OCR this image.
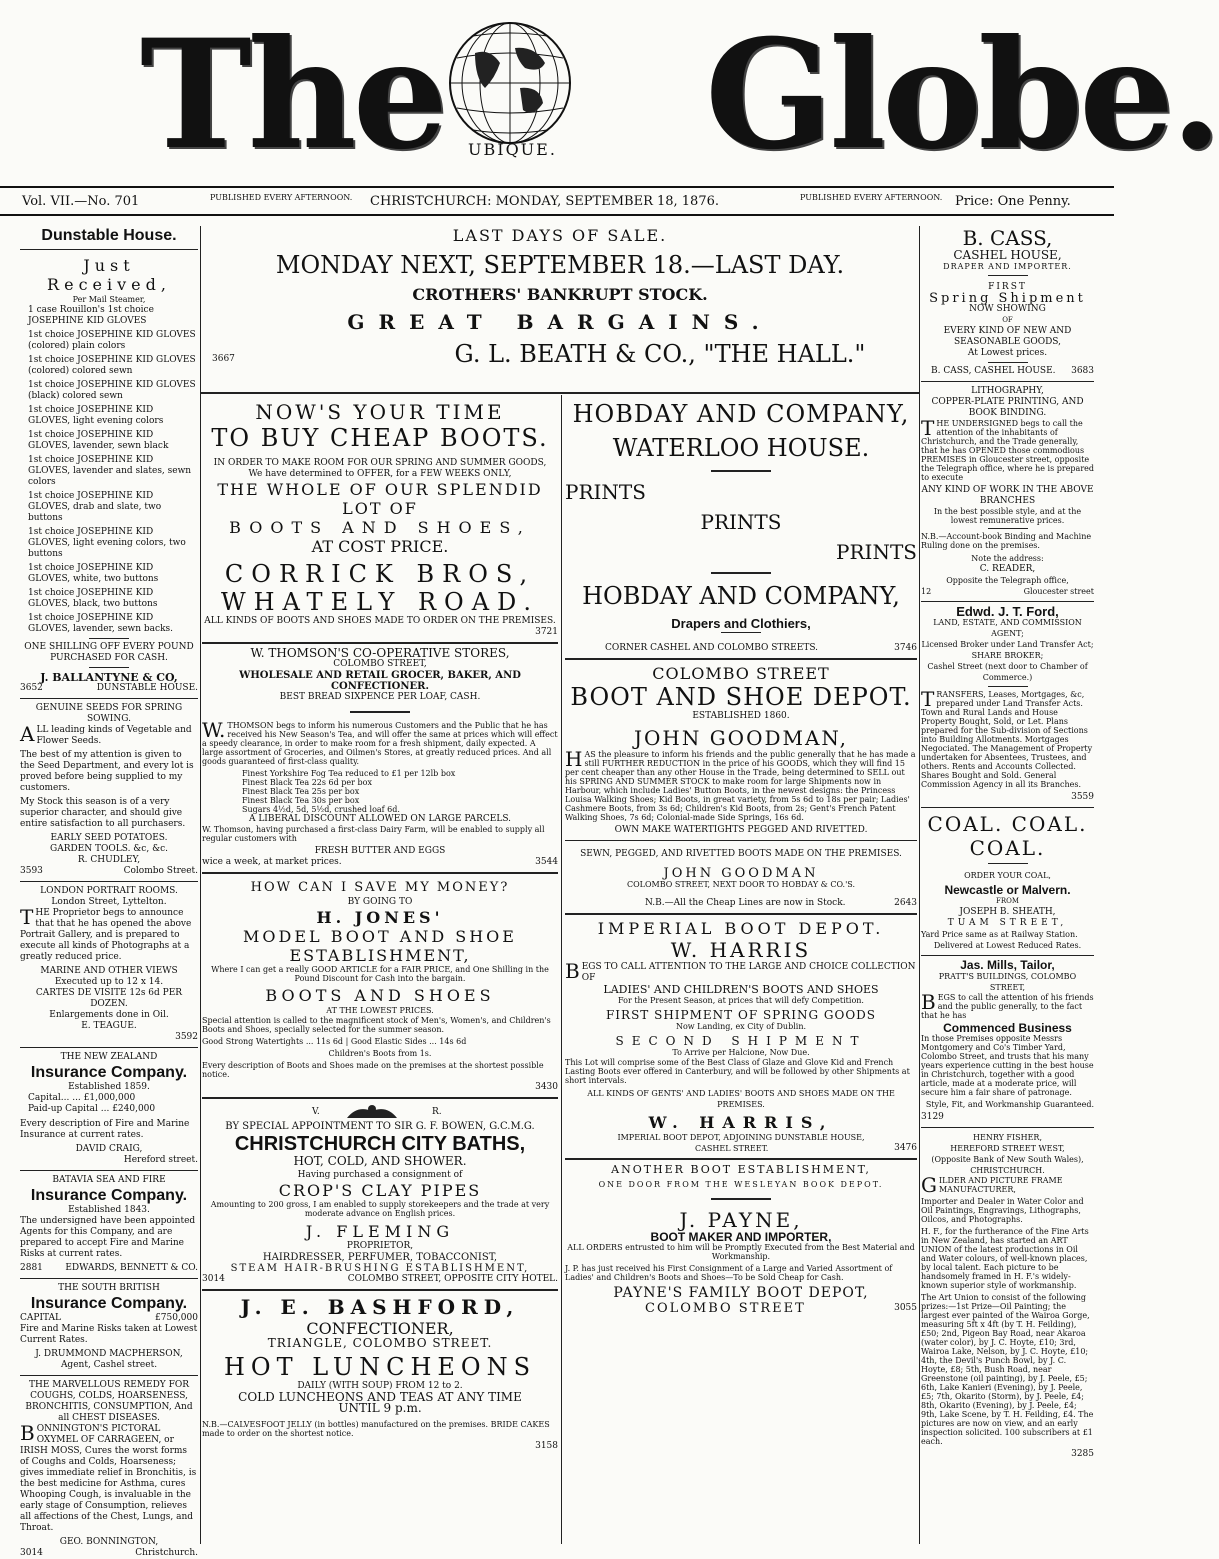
The UBIQUE. Globe.
Vol. VII.—No. 701	PUBLISHED EVERY AFTERNOON. CHRISTCHURCH: MONDAY, SEPTEMBER 18, 1876.	PUBLISHED EVERY AFTERNOON. Price: One Penny.
Dunstable House.
Just Received,
Per Mail Steamer,

1 case Rouillon's 1st choice JOSEPHINE KID GLOVES

1st choice JOSEPHINE KID GLOVES (colored) plain colors

1st choice JOSEPHINE KID GLOVES (colored) colored sewn

1st choice JOSEPHINE KID GLOVES (black) colored sewn

1st choice JOSEPHINE KID GLOVES, light evening colors

1st choice JOSEPHINE KID GLOVES, lavender, sewn black

1st choice JOSEPHINE KID GLOVES, lavender and slates, sewn colors

1st choice JOSEPHINE KID GLOVES, drab and slate, two buttons

1st choice JOSEPHINE KID GLOVES, light evening colors, two buttons

1st choice JOSEPHINE KID GLOVES, white, two buttons

1st choice JOSEPHINE KID GLOVES, black, two buttons

1st choice JOSEPHINE KID GLOVES, lavender, sewn backs.

ONE SHILLING OFF EVERY POUND PURCHASED FOR CASH.
J. BALLANTYNE & CO,
3652	DUNSTABLE HOUSE.
GENUINE SEEDS FOR SPRING SOWING.

ALL leading kinds of Vegetable and Flower Seeds.

The best of my attention is given to the Seed Department, and every lot is proved before being supplied to my customers.

My Stock this season is of a very superior character, and should give entire satisfaction to all purchasers.

EARLY SEED POTATOES.
GARDEN TOOLS. &c, &c.
R. CHUDLEY,
3593	Colombo Street.
LONDON PORTRAIT ROOMS.
London Street, Lyttelton.

THE Proprietor begs to announce that that he has opened the above Portrait Gallery, and is prepared to execute all kinds of Photographs at a greatly reduced price.

MARINE AND OTHER VIEWS
Executed up to 12 x 14.
CARTES DE VISITE 12s 6d PER DOZEN.
Enlargements done in Oil.
E. TEAGUE.
3592
THE NEW ZEALAND
Insurance Company.
Established 1859.
Capital... ... £1,000,000
Paid-up Capital ... £240,000

Every description of Fire and Marine Insurance at current rates.

DAVID CRAIG,
Hereford street.
BATAVIA SEA AND FIRE
Insurance Company.
Established 1843.

The undersigned have been appointed Agents for this Company, and are prepared to accept Fire and Marine Risks at current rates.

2881 EDWARDS, BENNETT & CO.
THE SOUTH BRITISH
Insurance Company.
CAPITAL	£750,000

Fire and Marine Risks taken at Lowest Current Rates.

J. DRUMMOND MACPHERSON,
Agent, Cashel street.
THE MARVELLOUS REMEDY FOR COUGHS, COLDS, HOARSENESS, BRONCHITIS, CONSUMPTION, And all CHEST DISEASES.

BONNINGTON'S PICTORAL OXYMEL OF CARRAGEEN, or IRISH MOSS, Cures the worst forms of Coughs and Colds, Hoarseness; gives immediate relief in Bronchitis, is the best medicine for Asthma, cures Whooping Cough, is invaluable in the early stage of Consumption, relieves all affections of the Chest, Lungs, and Throat.

GEO. BONNINGTON,
3014	Christchurch.
LAST DAYS OF SALE.
MONDAY NEXT, SEPTEMBER 18.—LAST DAY.
CROTHERS' BANKRUPT STOCK.
GREAT BARGAINS.
3667	G. L. BEATH & CO., "THE HALL."
NOW'S YOUR TIME
TO BUY CHEAP BOOTS.
IN ORDER TO MAKE ROOM FOR OUR SPRING AND SUMMER GOODS,
We have determined to OFFER, for a FEW WEEKS ONLY,
THE WHOLE OF OUR SPLENDID LOT OF
BOOTS AND SHOES,
AT COST PRICE.
CORRICK BROS,
WHATELY ROAD.
ALL KINDS OF BOOTS AND SHOES MADE TO ORDER ON THE PREMISES.
3721
W. THOMSON'S CO-OPERATIVE STORES,
COLOMBO STREET,
WHOLESALE AND RETAIL GROCER, BAKER, AND CONFECTIONER.
BEST BREAD SIXPENCE PER LOAF, CASH.

W.THOMSON begs to inform his numerous Customers and the Public that he has received his New Season's Tea, and will offer the same at prices which will effect a speedy clearance, in order to make room for a fresh shipment, daily expected. A large assortment of Groceries, and Oilmen's Stores, at greatly reduced prices. And all goods guaranteed of first-class quality.

Finest Yorkshire Fog Tea reduced to £1 per 12lb box
Finest Black Tea 22s 6d per box
Finest Black Tea 25s per box
Finest Black Tea 30s per box
Sugars 4½d, 5d, 5½d, crushed loaf 6d.
A LIBERAL DISCOUNT ALLOWED ON LARGE PARCELS.

W. Thomson, having purchased a first-class Dairy Farm, will be enabled to supply all regular customers with

FRESH BUTTER AND EGGS
wice a week, at market prices.	3544
HOW CAN I SAVE MY MONEY?
BY GOING TO
H. JONES'
MODEL BOOT AND SHOE
ESTABLISHMENT,

Where I can get a really GOOD ARTICLE for a FAIR PRICE, and One Shilling in the Pound Discount for Cash into the bargain.

BOOTS AND SHOES
AT THE LOWEST PRICES.

Special attention is called to the magnificent stock of Men's, Women's, and Children's Boots and Shoes, specially selected for the summer season.

Good Strong Watertights ... 11s 6d | Good Elastic Sides ... 14s 6d

Children's Boots from 1s.

Every description of Boots and Shoes made on the premises at the shortest possible notice.

3430
V.	R.
BY SPECIAL APPOINTMENT TO SIR G. F. BOWEN, G.C.M.G.
CHRISTCHURCH CITY BATHS,
HOT, COLD, AND SHOWER.
Having purchased a consignment of
CROP'S CLAY PIPES

Amounting to 200 gross, I am enabled to supply storekeepers and the trade at very moderate advance on English prices.

J. FLEMING
PROPRIETOR,
HAIRDRESSER, PERFUMER, TOBACCONIST,
STEAM HAIR-BRUSHING ESTABLISHMENT,
3014	COLOMBO STREET, OPPOSITE CITY HOTEL.
J. E. BASHFORD,
CONFECTIONER,
TRIANGLE, COLOMBO STREET.
HOT LUNCHEONS
DAILY (WITH SOUP) FROM 12 to 2.
COLD LUNCHEONS AND TEAS AT ANY TIME
UNTIL 9 p.m.

N.B.—CALVESFOOT JELLY (in bottles) manufactured on the premises. BRIDE CAKES made to order on the shortest notice.

3158
HOBDAY AND COMPANY,
WATERLOO HOUSE.
PRINTS
PRINTS
PRINTS
HOBDAY AND COMPANY,
Drapers and Clothiers,
CORNER CASHEL AND COLOMBO STREETS.	3746
COLOMBO STREET
BOOT AND SHOE DEPOT.
ESTABLISHED 1860.
JOHN GOODMAN,

HAS the pleasure to inform his friends and the public generally that he has made a still FURTHER REDUCTION in the price of his GOODS, which they will find 15 per cent cheaper than any other House in the Trade, being determined to SELL out his SPRING AND SUMMER STOCK to make room for large Shipments now in Harbour, which include Ladies' Button Boots, in the newest designs: the Princess Louisa Walking Shoes; Kid Boots, in great variety, from 5s 6d to 18s per pair; Ladies' Cashmere Boots, from 3s 6d; Children's Kid Boots, from 2s; Gent's French Patent Walking Shoes, 7s 6d; Colonial-made Side Springs, 16s 6d.

OWN MAKE WATERTIGHTS PEGGED AND RIVETTED.
SEWN, PEGGED, AND RIVETTED BOOTS MADE ON THE PREMISES.
JOHN GOODMAN
COLOMBO STREET, NEXT DOOR TO HOBDAY & CO.'S.
N.B.—All the Cheap Lines are now in Stock.	2643
IMPERIAL BOOT DEPOT.
W. HARRIS
BEGS TO CALL ATTENTION TO THE LARGE AND CHOICE COLLECTION OF
LADIES' AND CHILDREN'S BOOTS AND SHOES
For the Present Season, at prices that will defy Competition.
FIRST SHIPMENT OF SPRING GOODS
Now Landing, ex City of Dublin.
SECOND SHIPMENT
To Arrive per Halcione, Now Due.

This Lot will comprise some of the Best Class of Glaze and Glove Kid and French Lasting Boots ever offered in Canterbury, and will be followed by other Shipments at short intervals.

ALL KINDS OF GENTS' AND LADIES' BOOTS AND SHOES MADE ON THE PREMISES.
W. HARRIS,
IMPERIAL BOOT DEPOT, ADJOINING DUNSTABLE HOUSE,
CASHEL STREET.	3476
ANOTHER BOOT ESTABLISHMENT,
ONE DOOR FROM THE WESLEYAN BOOK DEPOT.
J. PAYNE,
BOOT MAKER AND IMPORTER,

ALL ORDERS entrusted to him will be Promptly Executed from the Best Material and Workmanship.

J. P. has just received his First Consignment of a Large and Varied Assortment of Ladies' and Children's Boots and Shoes—To be Sold Cheap for Cash.

PAYNE'S FAMILY BOOT DEPOT,
COLOMBO STREET	3055
B. CASS,
CASHEL HOUSE,
DRAPER AND IMPORTER.
FIRST
Spring Shipment
NOW SHOWING
OF
EVERY KIND OF NEW AND SEASONABLE GOODS,
At Lowest prices.
B. CASS, CASHEL HOUSE. 3683
LITHOGRAPHY,
COPPER-PLATE PRINTING, AND BOOK BINDING.

THE UNDERSIGNED begs to call the attention of the inhabitants of Christchurch, and the Trade generally, that he has OPENED those commodious PREMISES in Gloucester street, opposite the Telegraph office, where he is prepared to execute

ANY KIND OF WORK IN THE ABOVE BRANCHES

In the best possible style, and at the lowest remunerative prices.

N.B.—Account-book Binding and Machine Ruling done on the premises.

Note the address:
C. READER,
Opposite the Telegraph office,
12	Gloucester street
Edwd. J. T. Ford,
LAND, ESTATE, AND COMMISSION AGENT;
Licensed Broker under Land Transfer Act;
SHARE BROKER;
Cashel Street (next door to Chamber of Commerce.)

TRANSFERS, Leases, Mortgages, &c, prepared under Land Transfer Acts. Town and Rural Lands and House Property Bought, Sold, or Let. Plans prepared for the Sub-division of Sections into Building Allotments. Mortgages Negociated. The Management of Property undertaken for Absentees, Trustees, and others. Rents and Accounts Collected. Shares Bought and Sold. General Commission Agency in all its Branches.

3559
COAL. COAL.
COAL.
ORDER YOUR COAL,
Newcastle or Malvern.
FROM
JOSEPH B. SHEATH,
TUAM STREET,
Yard Price same as at Railway Station.
Delivered at Lowest Reduced Rates.
Jas. Mills, Tailor,
PRATT'S BUILDINGS, COLOMBO STREET,

BEGS to call the attention of his friends and the public generally, to the fact that he has

Commenced Business

In those Premises opposite Messrs Montgomery and Co's Timber Yard, Colombo Street, and trusts that his many years experience cutting in the best house in Christchurch, together with a good article, made at a moderate price, will secure him a fair share of patronage.

Style, Fit, and Workmanship Guaranteed.

3129
HENRY FISHER,
HEREFORD STREET WEST,
(Opposite Bank of New South Wales),
CHRISTCHURCH.

GILDER AND PICTURE FRAME MANUFACTURER,

Importer and Dealer in Water Color and Oil Paintings, Engravings, Lithographs, Oilcos, and Photographs.

H. F., for the furtherance of the Fine Arts in New Zealand, has started an ART UNION of the latest productions in Oil and Water colours, of well-known places, by local talent. Each picture to be handsomely framed in H. F.'s widely-known superior style of workmanship.

The Art Union to consist of the following prizes:—1st Prize—Oil Painting; the largest ever painted of the Wairoa Gorge, measuring 5ft x 4ft (by T. H. Feilding), £50; 2nd, Pigeon Bay Road, near Akaroa (water color), by J. C. Hoyte, £10; 3rd, Wairoa Lake, Nelson, by J. C. Hoyte, £10; 4th, the Devil's Punch Bowl, by J. C. Hoyte, £8; 5th, Bush Road, near Greenstone (oil painting), by J. Peele, £5; 6th, Lake Kanieri (Evening), by J. Peele, £5; 7th, Okarito (Storm), by J. Peele, £4; 8th, Okarito (Evening), by J. Peele, £4; 9th, Lake Scene, by T. H. Feilding, £4. The pictures are now on view, and an early inspection solicited. 100 subscribers at £1 each.

3285
